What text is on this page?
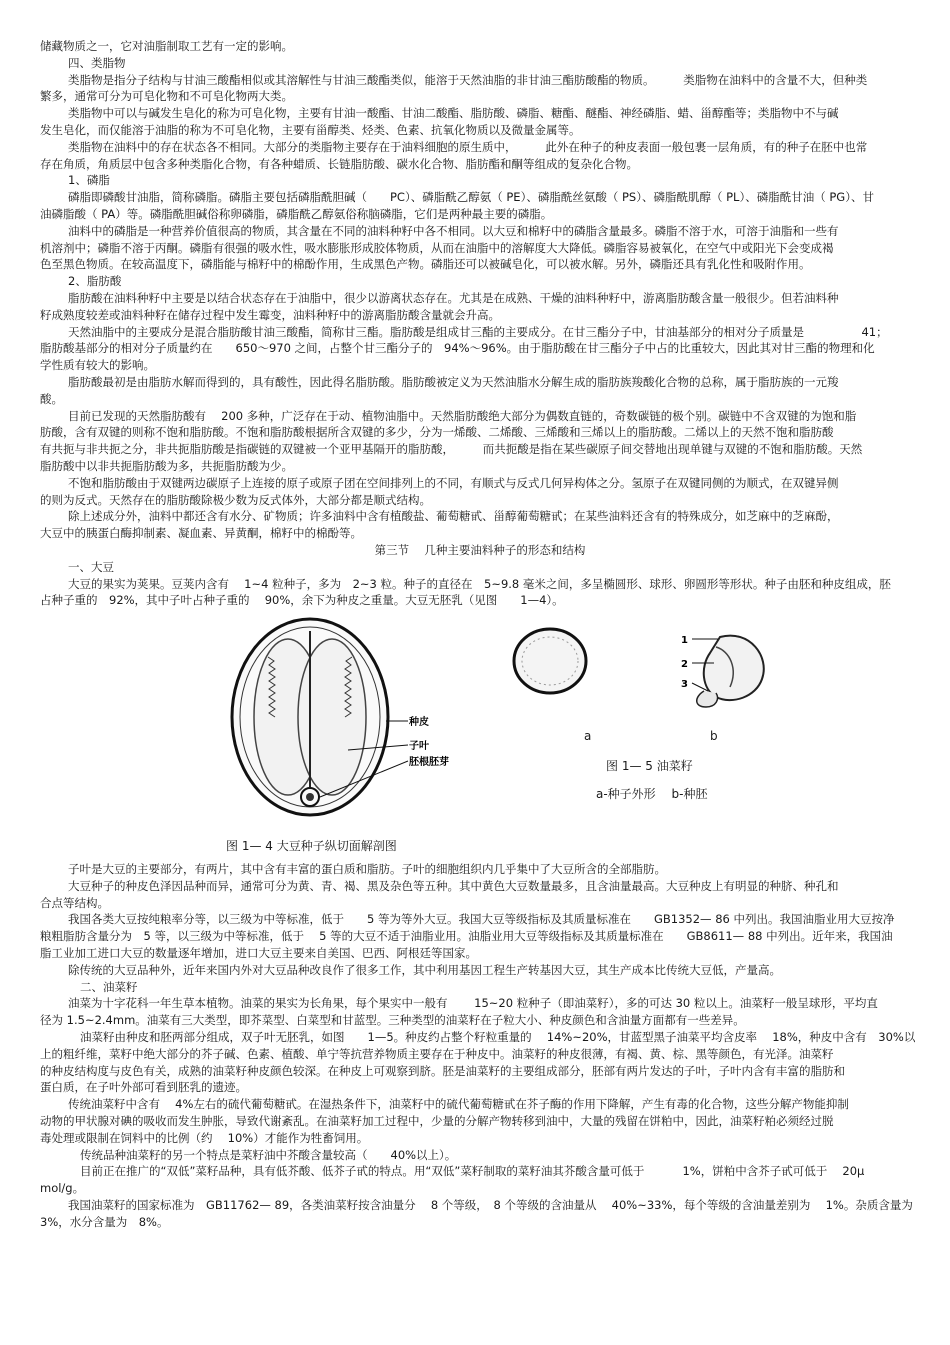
储藏物质之一，它对油脂制取工艺有一定的影响。

四、类脂物

类脂物是指分子结构与甘油三酸酯相似或其溶解性与甘油三酸酯类似，能溶于天然油脂的非甘油三酯肪酸酯的物质。　　　类脂物在油料中的含量不大，但种类

繁多，通常可分为可皂化物和不可皂化物两大类。

类脂物中可以与碱发生皂化的称为可皂化物，主要有甘油一酸酯、甘油二酸酯、脂肪酸、磷脂、糖酯、醚酯、神经磷脂、蜡、甾醇酯等；类脂物中不与碱

发生皂化，而仅能溶于油脂的称为不可皂化物，主要有甾醇类、烃类、色素、抗氧化物质以及微量金属等。

类脂物在油料中的存在状态各不相同。大部分的类脂物主要存在于油料细胞的原生质中，　　　此外在种子的种皮表面一般包裹一层角质，有的种子在胚中也常

存在角质，角质层中包含多种类脂化合物，有各种蜡质、长链脂肪酸、碳水化合物、脂肪酯和酮等组成的复杂化合物。

1、磷脂

磷脂即磷酸甘油脂，简称磷脂。磷脂主要包括磷脂酰胆碱（　　PC）、磷脂酰乙醇氨（ PE）、磷脂酰丝氨酸（ PS）、磷脂酰肌醇（ PL）、磷脂酰甘油（ PG）、甘

油磷脂酸（ PA）等。磷脂酰胆碱俗称卵磷脂，磷脂酰乙醇氨俗称脑磷脂，它们是两种最主要的磷脂。

油料中的磷脂是一种营养价值很高的物质，其含量在不同的油料种籽中各不相同。以大豆和棉籽中的磷脂含量最多。磷脂不溶于水，可溶于油脂和一些有

机溶剂中；磷脂不溶于丙酮。磷脂有很强的吸水性，吸水膨胀形成胶体物质，从而在油脂中的溶解度大大降低。磷脂容易被氧化，在空气中或阳光下会变成褐

色至黑色物质。在较高温度下，磷脂能与棉籽中的棉酚作用，生成黑色产物。磷脂还可以被碱皂化，可以被水解。另外，磷脂还具有乳化性和吸附作用。

2、脂肪酸

脂肪酸在油料种籽中主要是以结合状态存在于油脂中，很少以游离状态存在。尤其是在成熟、干燥的油料种籽中，游离脂肪酸含量一般很少。但若油料种

籽成熟度较差或油料种籽在储存过程中发生霉变，油料种籽中的游离脂肪酸含量就会升高。

天然油脂中的主要成分是混合脂肪酸甘油三酸酯，简称甘三酯。脂肪酸是组成甘三酯的主要成分。在甘三酯分子中，甘油基部分的相对分子质量是　　　　　41；

脂肪酸基部分的相对分子质量约在　　650～970 之间，占整个甘三酯分子的　94%～96%。由于脂肪酸在甘三酯分子中占的比重较大，因此其对甘三酯的物理和化

学性质有较大的影响。

脂肪酸最初是由脂肪水解而得到的，具有酸性，因此得名脂肪酸。脂肪酸被定义为天然油脂水分解生成的脂肪族羧酸化合物的总称，属于脂肪族的一元羧

酸。

目前已发现的天然脂肪酸有　 200 多种，广泛存在于动、植物油脂中。天然脂肪酸绝大部分为偶数直链的，奇数碳链的极个别。碳链中不含双键的为饱和脂

肪酸，含有双键的则称不饱和脂肪酸。不饱和脂肪酸根据所含双键的多少，分为一烯酸、二烯酸、三烯酸和三烯以上的脂肪酸。二烯以上的天然不饱和脂肪酸

有共扼与非共扼之分，非共扼脂肪酸是指碳链的双键被一个亚甲基隔开的脂肪酸，　　　而共扼酸是指在某些碳原子间交替地出现单键与双键的不饱和脂肪酸。天然

脂肪酸中以非共扼脂肪酸为多，共扼脂肪酸为少。

不饱和脂肪酸由于双键两边碳原子上连接的原子或原子团在空间排列上的不同，有顺式与反式几何异构体之分。氢原子在双键同侧的为顺式，在双键异侧

的则为反式。天然存在的脂肪酸除极少数为反式体外，大部分都是顺式结构。

除上述成分外，油料中都还含有水分、矿物质；许多油料中含有植酸盐、葡萄糖甙、甾醇葡萄糖甙；在某些油料还含有的特殊成分，如芝麻中的芝麻酚，

大豆中的胰蛋白酶抑制素、凝血素、异黄酮，棉籽中的棉酚等。

第三节　 几种主要油料种子的形态和结构

一、大豆

大豆的果实为荚果。豆荚内含有　 1~4 粒种子，多为　2~3 粒。种子的直径在　5~9.8 毫米之间，多呈椭圆形、球形、卵圆形等形状。种子由胚和种皮组成，胚

占种子重的　92%，其中子叶占种子重的　 90%，余下为种皮之重量。大豆无胚乳（见图　　1—4）。

种皮
子叶
胚根胚芽
图 1— 4 大豆种子纵切面解剖图
1
2
3
a	b
图 1— 5 油菜籽
a-种子外形　 b-种胚

子叶是大豆的主要部分，有两片，其中含有丰富的蛋白质和脂肪。子叶的细胞组织内几乎集中了大豆所含的全部脂肪。

大豆种子的种皮色泽因品种而异，通常可分为黄、青、褐、黑及杂色等五种。其中黄色大豆数量最多，且含油量最高。大豆种皮上有明显的种脐、种孔和

合点等结构。

我国各类大豆按纯粮率分等，以三级为中等标准，低于　　5 等为等外大豆。我国大豆等级指标及其质量标准在　　GB1352— 86 中列出。我国油脂业用大豆按净

粮粗脂肪含量分为　5 等，以三级为中等标准，低于　 5 等的大豆不适于油脂业用。油脂业用大豆等级指标及其质量标准在　　GB8611— 88 中列出。近年来，我国油

脂工业加工进口大豆的数量逐年增加，进口大豆主要来自美国、巴西、阿根廷等国家。

除传统的大豆品种外，近年来国内外对大豆品种改良作了很多工作，其中利用基因工程生产转基因大豆，其生产成本比传统大豆低，产量高。

二、油菜籽

油菜为十字花科一年生草本植物。油菜的果实为长角果，每个果实中一般有　　 15~20 粒种子（即油菜籽），多的可达 30 粒以上。油菜籽一般呈球形，平均直

径为 1.5~2.4mm。油菜有三大类型，即芥菜型、白菜型和甘蓝型。三种类型的油菜籽在子粒大小、种皮颜色和含油量方面都有一些差异。

油菜籽由种皮和胚两部分组成，双子叶无胚乳，如图　　1—5。种皮约占整个籽粒重量的　 14%~20%，甘蓝型黑子油菜平均含皮率　 18%，种皮中含有　30%以

上的粗纤维，菜籽中绝大部分的芥子碱、色素、植酸、单宁等抗营养物质主要存在于种皮中。油菜籽的种皮很薄，有褐、黄、棕、黑等颜色，有光泽。油菜籽

的种皮结构度与皮色有关，成熟的油菜籽种皮颜色较深。在种皮上可观察到脐。胚是油菜籽的主要组成部分，胚部有两片发达的子叶，子叶内含有丰富的脂肪和

蛋白质，在子叶外部可看到胚乳的遗迹。

传统油菜籽中含有　 4%左右的硫代葡萄糖甙。在湿热条件下，油菜籽中的硫代葡萄糖甙在芥子酶的作用下降解，产生有毒的化合物，这些分解产物能抑制

动物的甲状腺对碘的吸收而发生肿胀，导致代谢紊乱。在油菜籽加工过程中，少量的分解产物转移到油中，大量的残留在饼粕中，因此，油菜籽粕必须经过脱

毒处理或限制在饲料中的比例（约　 10%）才能作为牲畜饲用。

传统品种油菜籽的另一个特点是菜籽油中芥酸含量较高（　　40%以上）。

目前正在推广的“双低”菜籽品种，具有低芥酸、低芥子甙的特点。用“双低”菜籽制取的菜籽油其芥酸含量可低于　　　 1%，饼粕中含芥子甙可低于　 20μ

mol/g。

我国油菜籽的国家标准为　GB11762— 89，各类油菜籽按含油量分　 8 个等级，　8 个等级的含油量从　 40%~33%，每个等级的含油量差别为　 1%。杂质含量为

3%，水分含量为　8%。
